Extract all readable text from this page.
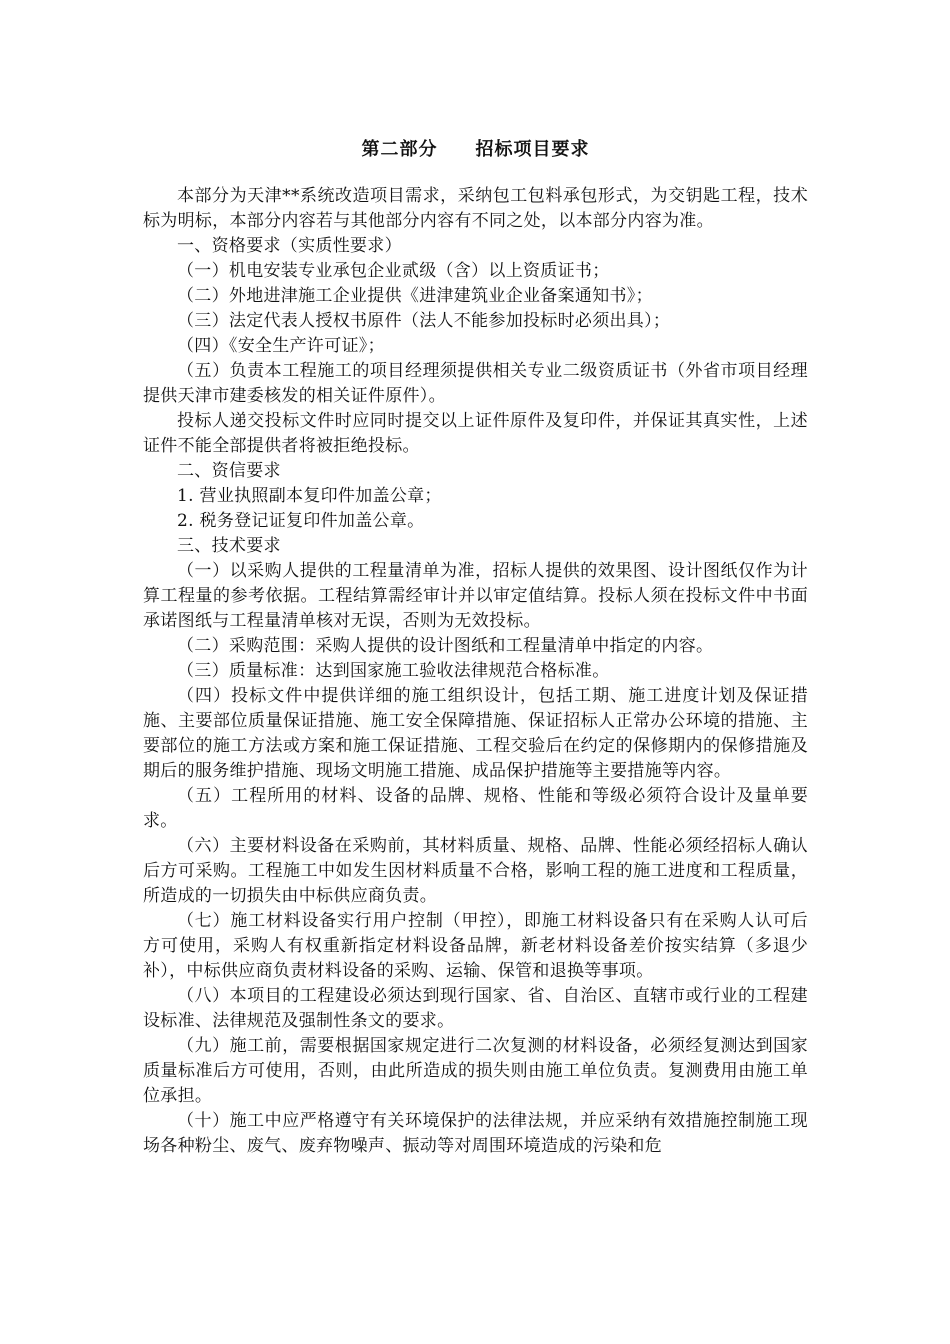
第二部分　　招标项目要求

本部分为天津**系统改造项目需求，采纳包工包料承包形式，为交钥匙工程，技术标为明标，本部分内容若与其他部分内容有不同之处，以本部分内容为准。

一、资格要求（实质性要求）

（一）机电安装专业承包企业贰级（含）以上资质证书；

（二）外地进津施工企业提供《进津建筑业企业备案通知书》；

（三）法定代表人授权书原件（法人不能参加投标时必须出具）；

（四）《安全生产许可证》；

（五）负责本工程施工的项目经理须提供相关专业二级资质证书（外省市项目经理提供天津市建委核发的相关证件原件）。

投标人递交投标文件时应同时提交以上证件原件及复印件，并保证其真实性，上述证件不能全部提供者将被拒绝投标。

二、资信要求

1. 营业执照副本复印件加盖公章；

2. 税务登记证复印件加盖公章。

三、技术要求

（一）以采购人提供的工程量清单为准，招标人提供的效果图、设计图纸仅作为计算工程量的参考依据。工程结算需经审计并以审定值结算。投标人须在投标文件中书面承诺图纸与工程量清单核对无误，否则为无效投标。

（二）采购范围：采购人提供的设计图纸和工程量清单中指定的内容。

（三）质量标准：达到国家施工验收法律规范合格标准。

（四）投标文件中提供详细的施工组织设计，包括工期、施工进度计划及保证措施、主要部位质量保证措施、施工安全保障措施、保证招标人正常办公环境的措施、主要部位的施工方法或方案和施工保证措施、工程交验后在约定的保修期内的保修措施及期后的服务维护措施、现场文明施工措施、成品保护措施等主要措施等内容。

（五）工程所用的材料、设备的品牌、规格、性能和等级必须符合设计及量单要求。

（六）主要材料设备在采购前，其材料质量、规格、品牌、性能必须经招标人确认后方可采购。工程施工中如发生因材料质量不合格，影响工程的施工进度和工程质量，所造成的一切损失由中标供应商负责。

（七）施工材料设备实行用户控制（甲控），即施工材料设备只有在采购人认可后方可使用，采购人有权重新指定材料设备品牌，新老材料设备差价按实结算（多退少补），中标供应商负责材料设备的采购、运输、保管和退换等事项。

（八）本项目的工程建设必须达到现行国家、省、自治区、直辖市或行业的工程建设标准、法律规范及强制性条文的要求。

（九）施工前，需要根据国家规定进行二次复测的材料设备，必须经复测达到国家质量标准后方可使用，否则，由此所造成的损失则由施工单位负责。复测费用由施工单位承担。

（十）施工中应严格遵守有关环境保护的法律法规，并应采纳有效措施控制施工现场各种粉尘、废气、废弃物噪声、振动等对周围环境造成的污染和危
